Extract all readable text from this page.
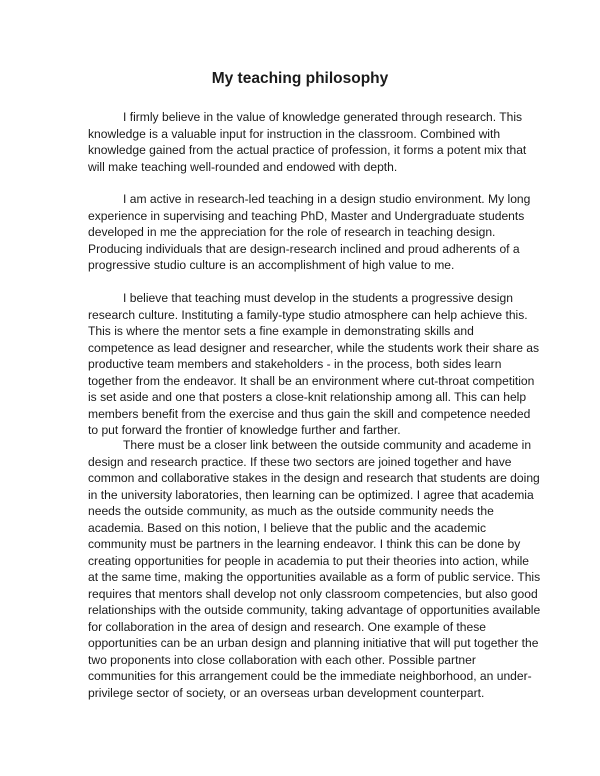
My teaching philosophy
I firmly believe in the value of knowledge generated through research. This
knowledge is a valuable input for instruction in the classroom. Combined with
knowledge gained from the actual practice of profession, it forms a potent mix that
will make teaching well-rounded and endowed with depth.
I am active in research-led teaching in a design studio environment. My long
experience in supervising and teaching PhD, Master and Undergraduate students
developed in me the appreciation for the role of research in teaching design.
Producing individuals that are design-research inclined and proud adherents of a
progressive studio culture is an accomplishment of high value to me.
I believe that teaching must develop in the students a progressive design
research culture. Instituting a family-type studio atmosphere can help achieve this.
This is where the mentor sets a fine example in demonstrating skills and
competence as lead designer and researcher, while the students work their share as
productive team members and stakeholders - in the process, both sides learn
together from the endeavor. It shall be an environment where cut-throat competition
is set aside and one that posters a close-knit relationship among all. This can help
members benefit from the exercise and thus gain the skill and competence needed
to put forward the frontier of knowledge further and farther.
There must be a closer link between the outside community and academe in
design and research practice. If these two sectors are joined together and have
common and collaborative stakes in the design and research that students are doing
in the university laboratories, then learning can be optimized. I agree that academia
needs the outside community, as much as the outside community needs the
academia. Based on this notion, I believe that the public and the academic
community must be partners in the learning endeavor. I think this can be done by
creating opportunities for people in academia to put their theories into action, while
at the same time, making the opportunities available as a form of public service. This
requires that mentors shall develop not only classroom competencies, but also good
relationships with the outside community, taking advantage of opportunities available
for collaboration in the area of design and research. One example of these
opportunities can be an urban design and planning initiative that will put together the
two proponents into close collaboration with each other. Possible partner
communities for this arrangement could be the immediate neighborhood, an under-
privilege sector of society, or an overseas urban development counterpart.
